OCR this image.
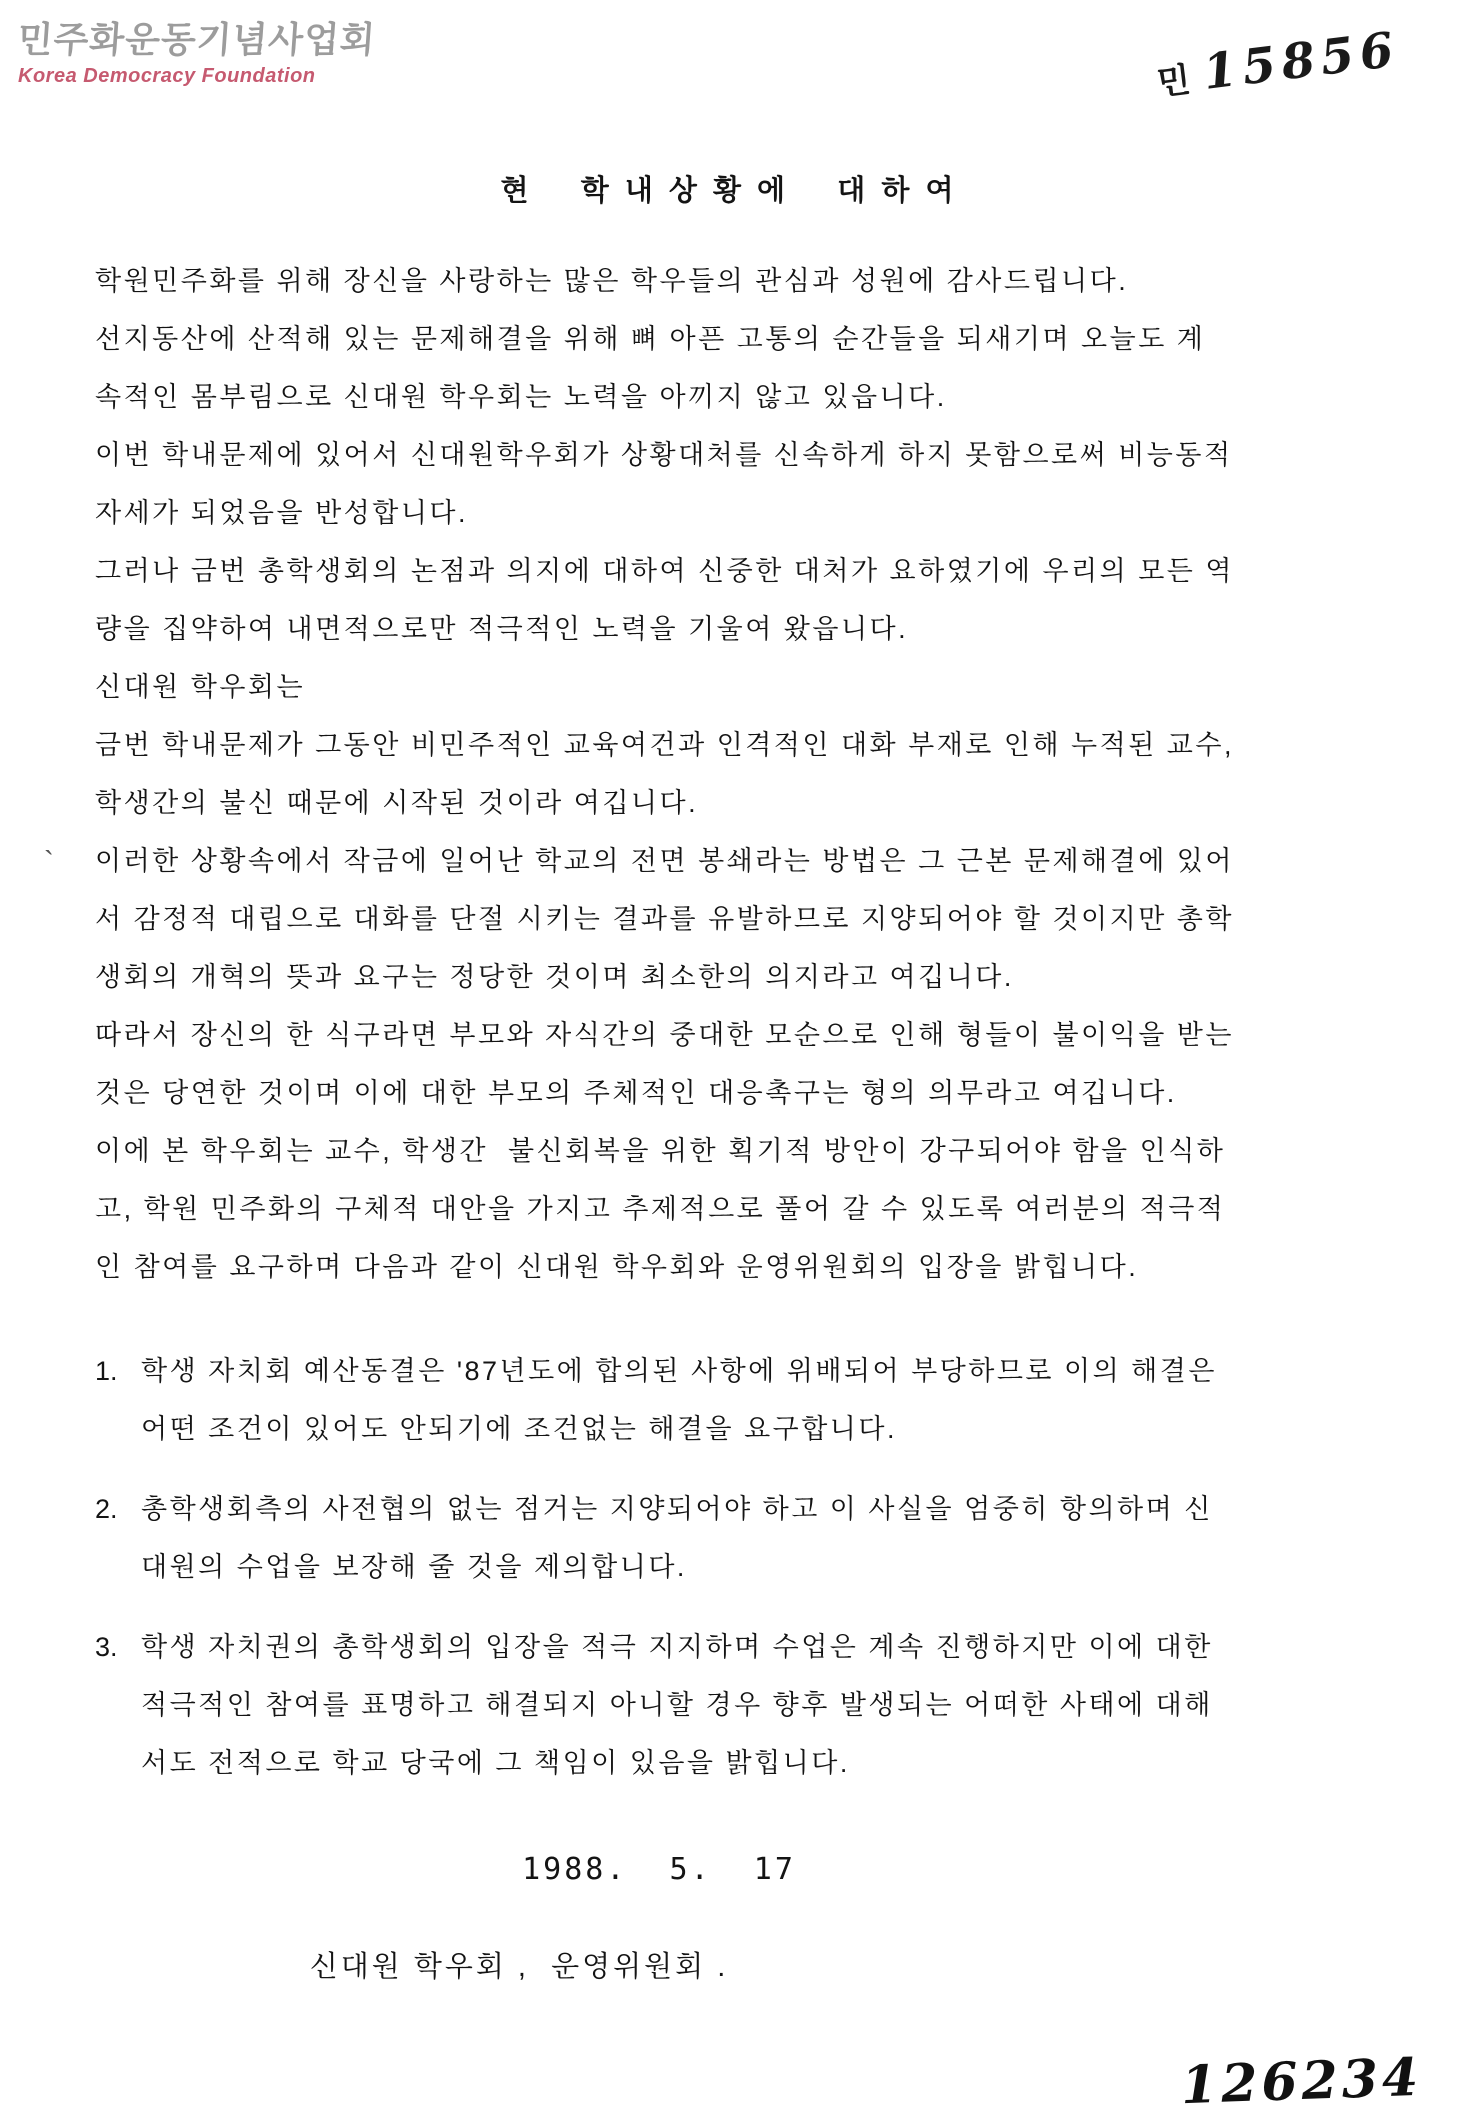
민주화운동기념사업회
Korea Democracy Foundation	민 15856
현    학 내 상 황 에    대 하 여
`
학원민주화를 위해 장신을 사랑하는 많은 학우들의 관심과 성원에 감사드립니다.
선지동산에 산적해 있는 문제해결을 위해 뼈 아픈 고통의 순간들을 되새기며 오늘도 계
속적인 몸부림으로 신대원 학우회는 노력을 아끼지 않고 있읍니다.
이번 학내문제에 있어서 신대원학우회가 상황대처를 신속하게 하지 못함으로써 비능동적
자세가 되었음을 반성합니다.
그러나 금번 총학생회의 논점과 의지에 대하여 신중한 대처가 요하였기에 우리의 모든 역
량을 집약하여 내면적으로만 적극적인 노력을 기울여 왔읍니다.
신대원 학우회는
금번 학내문제가 그동안 비민주적인 교육여건과 인격적인 대화 부재로 인해 누적된 교수,
학생간의 불신 때문에 시작된 것이라 여깁니다.
이러한 상황속에서 작금에 일어난 학교의 전면 봉쇄라는 방법은 그 근본 문제해결에 있어
서 감정적 대립으로 대화를 단절 시키는 결과를 유발하므로 지양되어야 할 것이지만 총학
생회의 개혁의 뜻과 요구는 정당한 것이며 최소한의 의지라고 여깁니다.
따라서 장신의 한 식구라면 부모와 자식간의 중대한 모순으로 인해 형들이 불이익을 받는
것은 당연한 것이며 이에 대한 부모의 주체적인 대응촉구는 형의 의무라고 여깁니다.
이에 본 학우회는 교수, 학생간  불신회복을 위한 획기적 방안이 강구되어야 함을 인식하
고, 학원 민주화의 구체적 대안을 가지고 추제적으로 풀어 갈 수 있도록 여러분의 적극적
인 참여를 요구하며 다음과 같이 신대원 학우회와 운영위원회의 입장을 밝힙니다.
1. 학생 자치회 예산동결은 '87년도에 합의된 사항에 위배되어 부당하므로 이의 해결은
어떤 조건이 있어도 안되기에 조건없는 해결을 요구합니다.
2. 총학생회측의 사전협의 없는 점거는 지양되어야 하고 이 사실을 엄중히 항의하며 신
대원의 수업을 보장해 줄 것을 제의합니다.
3. 학생 자치권의 총학생회의 입장을 적극 지지하며 수업은 계속 진행하지만 이에 대한
적극적인 참여를 표명하고 해결되지 아니할 경우 향후 발생되는 어떠한 사태에 대해
서도 전적으로 학교 당국에 그 책임이 있음을 밝힙니다.
1988.  5.  17
신대원 학우회 ,  운영위원회 .
126234
